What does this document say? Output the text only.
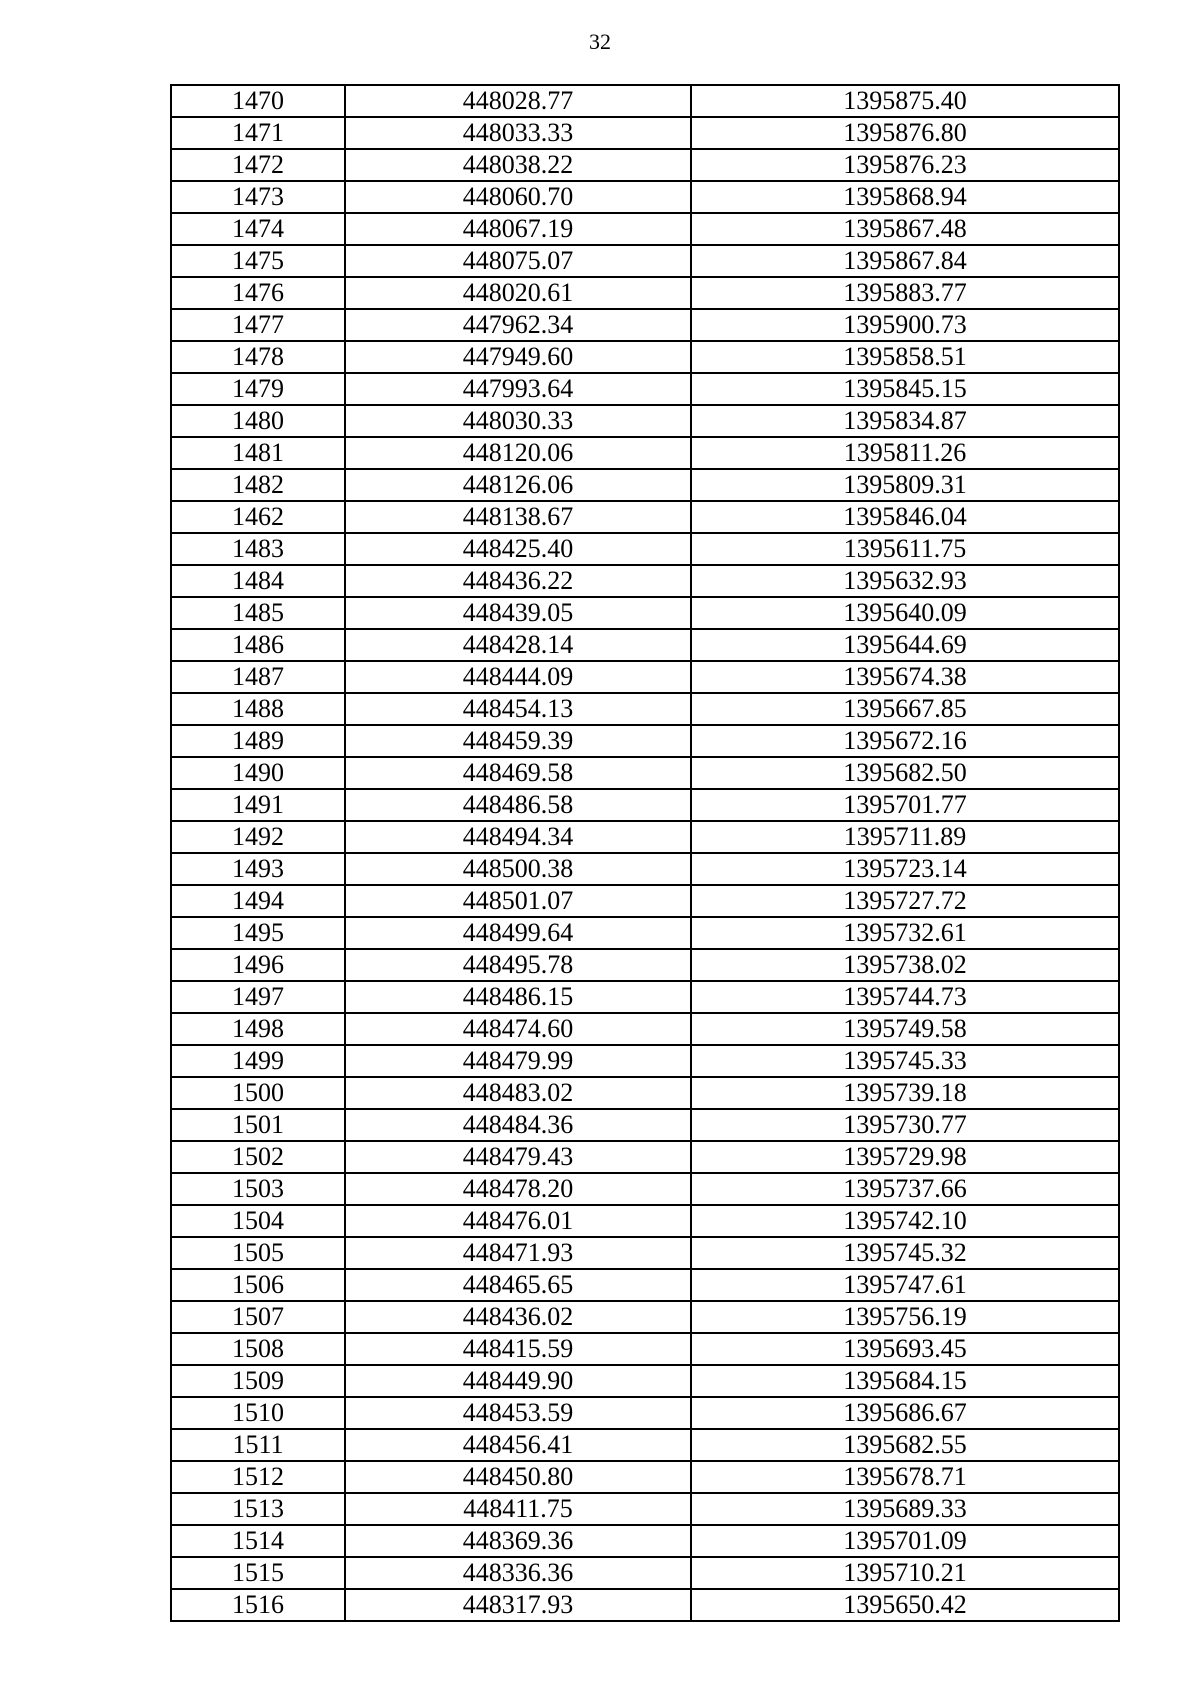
32
1470	448028.77	1395875.40
1471	448033.33	1395876.80
1472	448038.22	1395876.23
1473	448060.70	1395868.94
1474	448067.19	1395867.48
1475	448075.07	1395867.84
1476	448020.61	1395883.77
1477	447962.34	1395900.73
1478	447949.60	1395858.51
1479	447993.64	1395845.15
1480	448030.33	1395834.87
1481	448120.06	1395811.26
1482	448126.06	1395809.31
1462	448138.67	1395846.04
1483	448425.40	1395611.75
1484	448436.22	1395632.93
1485	448439.05	1395640.09
1486	448428.14	1395644.69
1487	448444.09	1395674.38
1488	448454.13	1395667.85
1489	448459.39	1395672.16
1490	448469.58	1395682.50
1491	448486.58	1395701.77
1492	448494.34	1395711.89
1493	448500.38	1395723.14
1494	448501.07	1395727.72
1495	448499.64	1395732.61
1496	448495.78	1395738.02
1497	448486.15	1395744.73
1498	448474.60	1395749.58
1499	448479.99	1395745.33
1500	448483.02	1395739.18
1501	448484.36	1395730.77
1502	448479.43	1395729.98
1503	448478.20	1395737.66
1504	448476.01	1395742.10
1505	448471.93	1395745.32
1506	448465.65	1395747.61
1507	448436.02	1395756.19
1508	448415.59	1395693.45
1509	448449.90	1395684.15
1510	448453.59	1395686.67
1511	448456.41	1395682.55
1512	448450.80	1395678.71
1513	448411.75	1395689.33
1514	448369.36	1395701.09
1515	448336.36	1395710.21
1516	448317.93	1395650.42
